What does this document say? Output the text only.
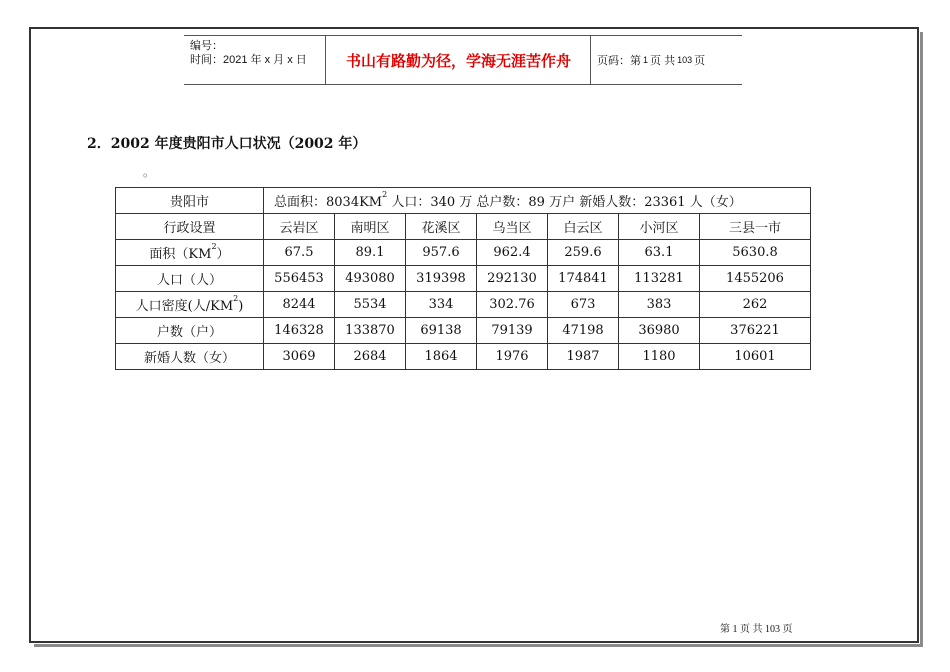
编号：
时间：2021 年 x 月 x 日	书山有路勤为径，学海无涯苦作舟	页码：第 1 页 共 103 页
2．2002 年度贵阳市人口状况（2002 年）
。
贵阳市	总面积：$8034KM^2$ 人口：340 万 总户数：89 万户 新婚人数：23361 人（女）						
行政设置	云岩区	南明区	花溪区	乌当区	白云区	小河区	三县一市
面积$(KM^2)$	67.5	89.1	957.6	962.4	259.6	63.1	5630.8
人口（人）	556453	493080	319398	292130	174841	113281	1455206
人口密度(人$/KM^2$)	8244	5534	334	302.76	673	383	262
户数（户）	146328	133870	69138	79139	47198	36980	376221
新婚人数（女）	3069	2684	1864	1976	1987	1180	10601
第 1 页 共 103 页
